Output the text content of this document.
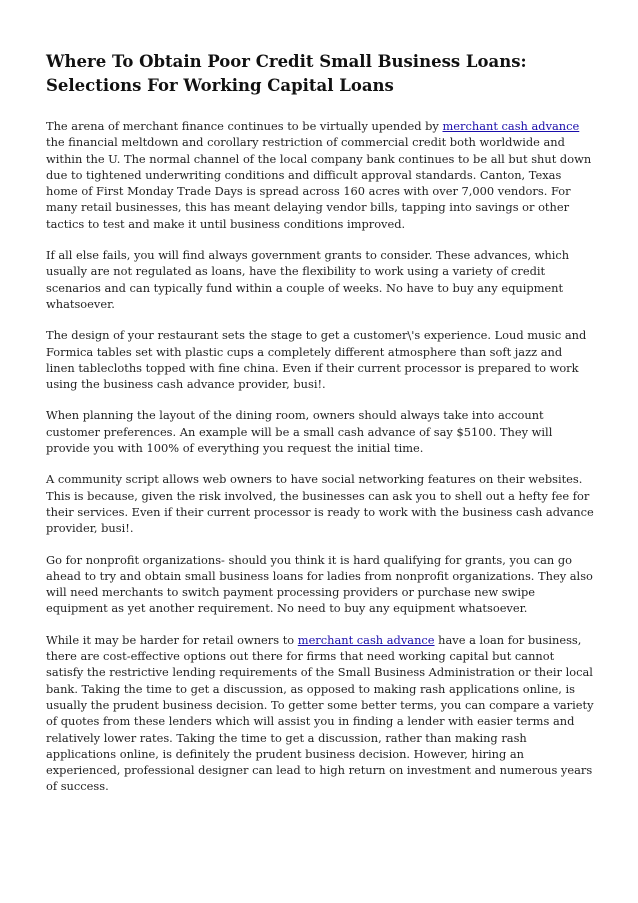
Where To Obtain Poor Credit Small Business Loans: Selections For Working Capital Loans

The arena of merchant finance continues to be virtually upended by merchant cash advance the financial meltdown and corollary restriction of commercial credit both worldwide and within the U. The normal channel of the local company bank continues to be all but shut down due to tightened underwriting conditions and difficult approval standards. Canton, Texas home of First Monday Trade Days is spread across 160 acres with over 7,000 vendors. For many retail businesses, this has meant delaying vendor bills, tapping into savings or other tactics to test and make it until business conditions improved.

If all else fails, you will find always government grants to consider. These advances, which usually are not regulated as loans, have the flexibility to work using a variety of credit scenarios and can typically fund within a couple of weeks. No have to buy any equipment whatsoever.

The design of your restaurant sets the stage to get a customer\'s experience. Loud music and Formica tables set with plastic cups a completely different atmosphere than soft jazz and linen tablecloths topped with fine china. Even if their current processor is prepared to work using the business cash advance provider, busi!.

When planning the layout of the dining room, owners should always take into account customer preferences. An example will be a small cash advance of say $5100. They will provide you with 100% of everything you request the initial time.

A community script allows web owners to have social networking features on their websites. This is because, given the risk involved, the businesses can ask you to shell out a hefty fee for their services. Even if their current processor is ready to work with the business cash advance provider, busi!.

Go for nonprofit organizations- should you think it is hard qualifying for grants, you can go ahead to try and obtain small business loans for ladies from nonprofit organizations. They also will need merchants to switch payment processing providers or purchase new swipe equipment as yet another requirement. No need to buy any equipment whatsoever.

While it may be harder for retail owners to merchant cash advance have a loan for business, there are cost-effective options out there for firms that need working capital but cannot satisfy the restrictive lending requirements of the Small Business Administration or their local bank. Taking the time to get a discussion, as opposed to making rash applications online, is usually the prudent business decision. To getter some better terms, you can compare a variety of quotes from these lenders which will assist you in finding a lender with easier terms and relatively lower rates. Taking the time to get a discussion, rather than making rash applications online, is definitely the prudent business decision. However, hiring an experienced, professional designer can lead to high return on investment and numerous years of success.
